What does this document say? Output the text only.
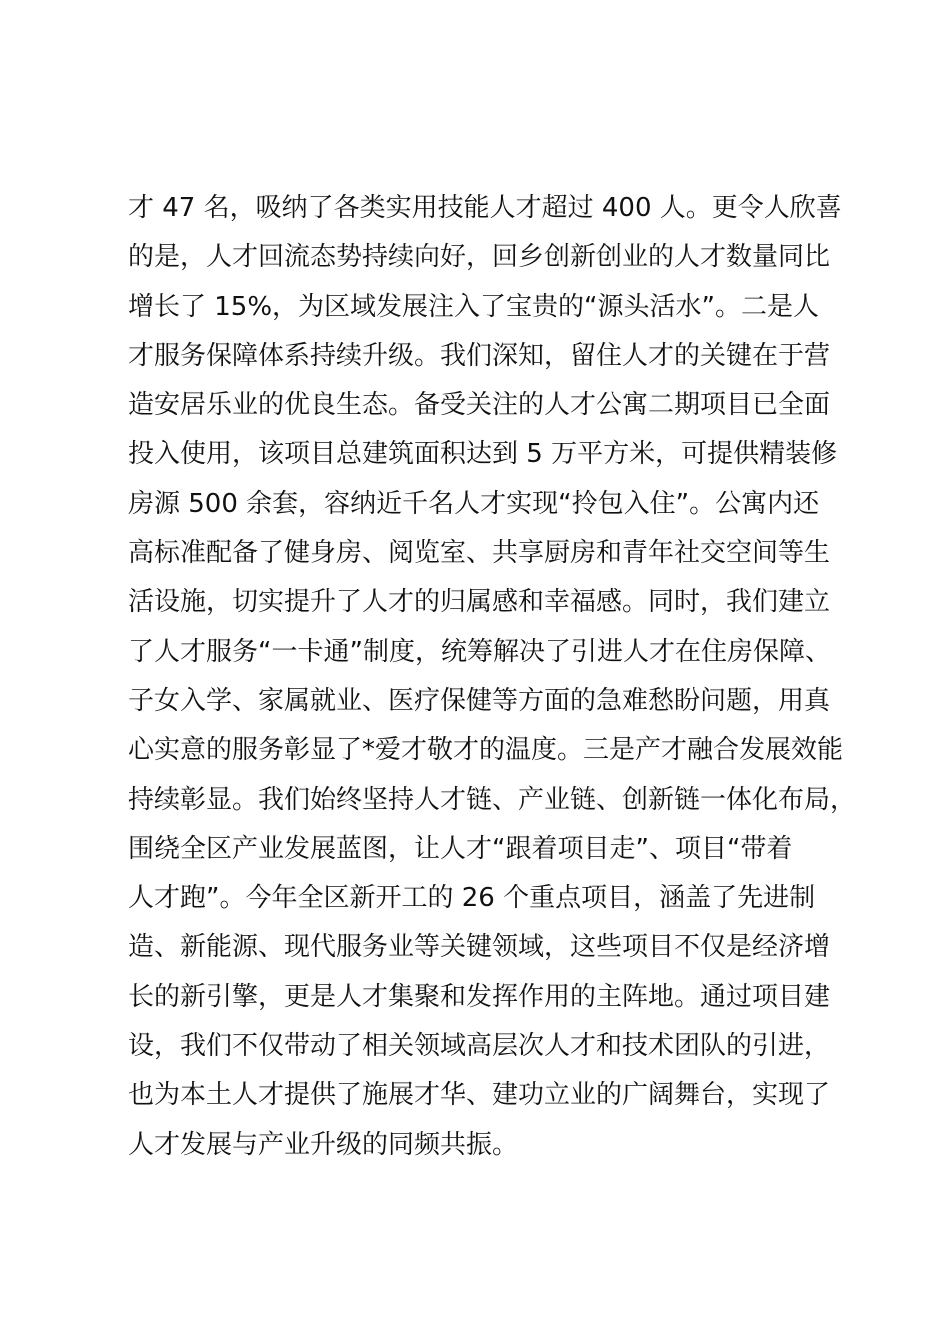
才 47 名，吸纳了各类实用技能人才超过 400 人。更令人欣喜
的是，人才回流态势持续向好，回乡创新创业的人才数量同比
增长了 15%，为区域发展注入了宝贵的“源头活水”。二是人
才服务保障体系持续升级。我们深知，留住人才的关键在于营
造安居乐业的优良生态。备受关注的人才公寓二期项目已全面
投入使用，该项目总建筑面积达到 5 万平方米，可提供精装修
房源 500 余套，容纳近千名人才实现“拎包入住”。公寓内还
高标准配备了健身房、阅览室、共享厨房和青年社交空间等生
活设施，切实提升了人才的归属感和幸福感。同时，我们建立
了人才服务“一卡通”制度，统筹解决了引进人才在住房保障、
子女入学、家属就业、医疗保健等方面的急难愁盼问题，用真
心实意的服务彰显了*爱才敬才的温度。三是产才融合发展效能
持续彰显。我们始终坚持人才链、产业链、创新链一体化布局，
围绕全区产业发展蓝图，让人才“跟着项目走”、项目“带着
人才跑”。今年全区新开工的 26 个重点项目，涵盖了先进制
造、新能源、现代服务业等关键领域，这些项目不仅是经济增
长的新引擎，更是人才集聚和发挥作用的主阵地。通过项目建
设，我们不仅带动了相关领域高层次人才和技术团队的引进，
也为本土人才提供了施展才华、建功立业的广阔舞台，实现了
人才发展与产业升级的同频共振。
